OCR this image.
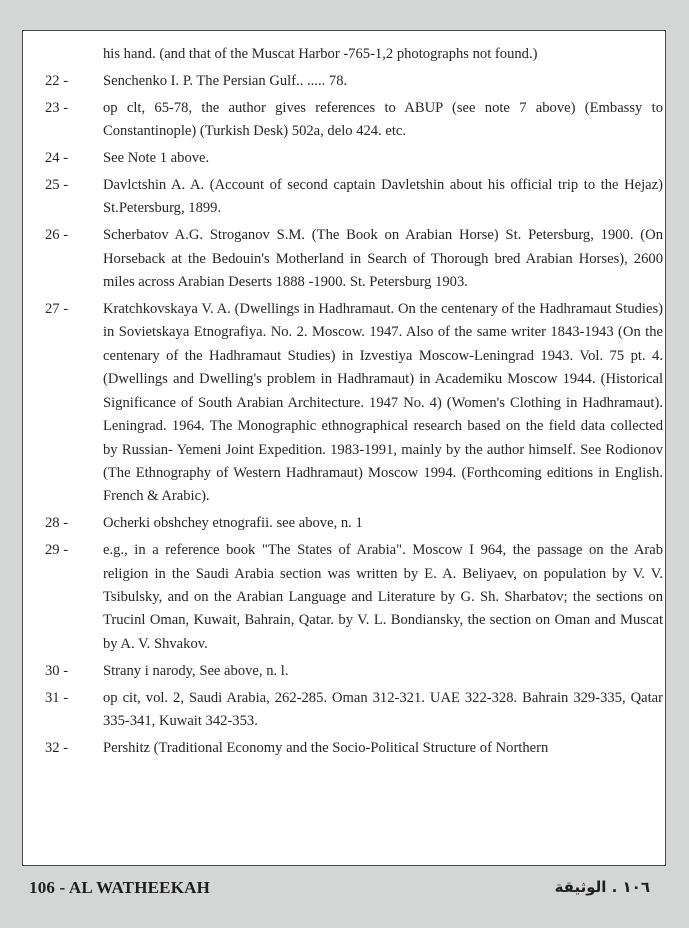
his hand. (and that of the Muscat Harbor -765-1,2 photographs not found.)
22 -	Senchenko I. P. The Persian Gulf.. ..... 78.
23 -	op clt, 65-78, the author gives references to ABUP (see note 7 above) (Embassy to Constantinople) (Turkish Desk) 502a, delo 424. etc.
24 -	See Note 1 above.
25 -	Davlctshin A. A. (Account of second captain Davletshin about his official trip to the Hejaz) St.Petersburg, 1899.
26 -	Scherbatov A.G. Stroganov S.M. (The Book on Arabian Horse) St. Petersburg, 1900. (On Horseback at the Bedouin's Motherland in Search of Thorough bred Arabian Horses), 2600 miles across Arabian Deserts 1888 -1900. St. Petersburg 1903.
27 -	Kratchkovskaya V. A. (Dwellings in Hadhramaut. On the centenary of the Hadhramaut Studies) in Sovietskaya Etnografiya. No. 2. Moscow. 1947. Also of the same writer 1843-1943 (On the centenary of the Hadhramaut Studies) in Izvestiya Moscow-Leningrad 1943. Vol. 75 pt. 4. (Dwellings and Dwelling's problem in Hadhramaut) in Academiku Moscow 1944. (Historical Significance of South Arabian Architecture. 1947 No. 4) (Women's Clothing in Hadhramaut). Leningrad. 1964. The Monographic ethnographical research based on the field data collected by Russian- Yemeni Joint Expedition. 1983-1991, mainly by the author himself. See Rodionov (The Ethnography of Western Hadhramaut) Moscow 1994. (Forthcoming editions in English. French & Arabic).
28 -	Ocherki obshchey etnografii. see above, n. 1
29 -	e.g., in a reference book "The States of Arabia". Moscow I 964, the passage on the Arab religion in the Saudi Arabia section was written by E. A. Beliyaev, on population by V. V. Tsibulsky, and on the Arabian Language and Literature by G. Sh. Sharbatov; the sections on Trucinl Oman, Kuwait, Bahrain, Qatar. by V. L. Bondiansky, the section on Oman and Muscat by A. V. Shvakov.
30 -	Strany i narody, See above, n. l.
31 -	op cit, vol. 2, Saudi Arabia, 262-285. Oman 312-321. UAE 322-328. Bahrain 329-335, Qatar 335-341, Kuwait 342-353.
32 -	Pershitz (Traditional Economy and the Socio-Political Structure of Northern
106 - AL WATHEEKAH	١٠٦ . الوثيقة
